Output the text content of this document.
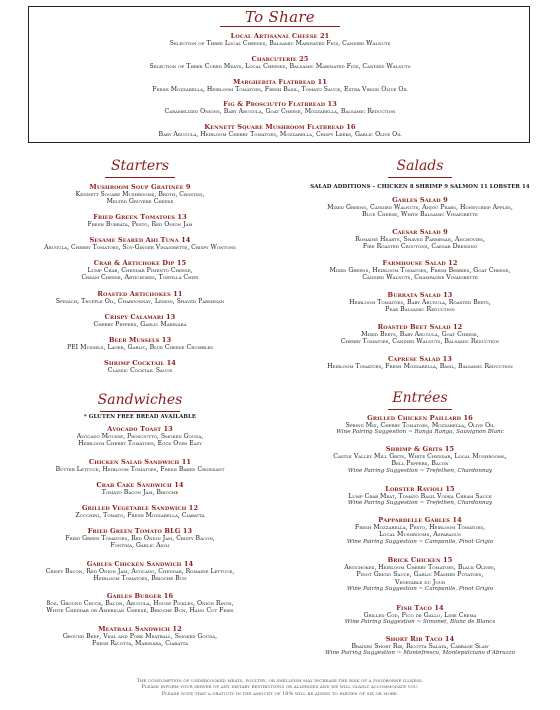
To Share
Local Artisanal Cheese 21
Selection of Three Local Cheeses, Balsamic Marinated Figs, Candied Walnuts
Charcuterie 25
Selection of Three Cured Meats, Local Cheeses, Balsamic Marinated Figs, Candied Walnuts
Margherita Flatbread 11
Fresh Mozzarella, Heirloom Tomatoes, Fresh Basil, Tomato Sauce, Extra Virgin Olive Oil
Fig & Prosciutto Flatbread 13
Caramelized Onions, Baby Arugula, Goat Cheese, Mozzarella, Balsamic Reduction
Kennett Square Mushroom Flatbread 16
Baby Arugula, Heirloom Cherry Tomatoes, Mozzarella, Crispy Leeks, Garlic Olive Oil
Starters
Mushroom Soup Gratinée 9
Kennett Square Mushrooms, Broth, Crostini,
Melted Gruyère Cheese
Fried Green Tomatoes 13
Fresh Burrata, Pesto, Red Onion Jam
Sesame Seared Ahi Tuna 14
Arugula, Cherry Tomatoes, Soy-Ginger Vinaigrette, Crispy Wontons
Crab & Artichoke Dip 15
Lump Crab, Cheddar Pimento Cheese,
Cream Cheese, Artichokes, Tortilla Chips
Roasted Artichokes 11
Spinach, Truffle Oil, Chardonnay, Lemon, Shaved Parmesan
Crispy Calamari 13
Cherry Peppers, Garlic Marinara
Beer Mussels 13
PEI Mussels, Lager, Garlic, Blue Cheese Crumbles
Shrimp Cocktail 14
Classic Cocktail Sauce
Sandwiches
* GLUTEN FREE BREAD AVAILABLE
Avocado Toast 13
Avocado Mousse, Prosciutto, Smoked Gouda,
Heirloom Cherry Tomatoes, Eggs Over Easy
Chicken Salad Sandwich 11
Butter Lettuce, Heirloom Tomatoes, Fresh Baked Croissant
Crab Cake Sandwich 14
Tomato Bacon Jam, Brioche
Grilled Vegetable Sandwich 12
Zucchini, Tomato, Fresh Mozzarella, Ciabatta
Fried Green Tomato BLG 13
Fried Green Tomatoes, Red Onion Jam, Crispy Bacon,
Fontina, Garlic Aioli
Gables Chicken Sandwich 14
Crispy Bacon, Red Onion Jam, Avocado, Cheddar, Romaine Lettuce,
Heirloom Tomatoes, Brioche Bun
Gables Burger 16
8oz. Ground Chuck, Bacon, Arugula, House Pickles, Onion Rings,
White Cheddar or American Cheese, Brioche Bun, Hand Cut Fries
Meatball Sandwich 12
Ground Beef, Veal and Pork Meatball, Smoked Gouda,
Fresh Ricotta, Marinara, Ciabatta
Salads
SALAD ADDITIONS – CHICKEN 8 SHRIMP 9 SALMON 11 LOBSTER 14
Gables Salad 9
Mixed Greens, Candied Walnuts, Anjou Pears, Honeycrisp Apples,
Blue Cheese, White Balsamic Vinaigrette
Caesar Salad 9
Romaine Hearts, Shaved Parmesan, Anchovies,
Fire Roasted Croutons, Caesar Dressing
Farmhouse Salad 12
Mixed Greens, Heirloom Tomatoes, Fresh Berries, Goat Cheese,
Candied Walnuts, Champagne Vinaigrette
Burrata Salad 13
Heirloom Tomatoes, Baby Arugula, Roasted Beets,
Pear Balsamic Reduction
Roasted Beet Salad 12
Mixed Beets, Baby Arugula, Goat Cheese,
Cherry Tomatoes, Candied Walnuts, Balsamic Reduction
Caprese Salad 13
Heirloom Tomatoes, Fresh Mozzarella, Basil, Balsamic Reduction
Entrées
Grilled Chicken Paillard 16
Spring Mix, Cherry Tomatoes, Mozzarella, Olive Oil
Wine Pairing Suggestion ~ Ranga Ranga, Sauvignon Blanc
Shrimp & Grits 15
Castle Valley Mill Grits, White Cheddar, Local Mushrooms,
Bell Peppers, Bacon
Wine Pairing Suggestion ~ Trefethen, Chardonnay
Lobster Ravioli 15
Lump Crab Meat, Tomato Basil Vodka Cream Sauce
Wine Pairing Suggestion ~ Trefethen, Chardonnay
Pappardelle Gables 14
Fresh Mozzarella, Pesto, Heirloom Tomatoes,
Local Mushrooms, Asparagus
Wine Pairing Suggestion ~ Campanile, Pinot Grigio
Brick Chicken 15
Artichokes, Heirloom Cherry Tomatoes, Black Olives,
Pinot Grigio Sauce, Garlic Mashed Potatoes,
Vegetable du Jour
Wine Pairing Suggestion ~ Campanile, Pinot Grigio
Fish Taco 14
Grilled Cod, Pico de Gallo, Lime Crema
Wine Pairing Suggestion ~ Simonet, Blanc de Blancs
Short Rib Taco 14
Braised Short Rib, Ricotta Salata, Cabbage Slaw
Wine Pairing Suggestion ~ Montefresco, Montepulciano d'Abruzzo
The consumption of undercooked meats, poultry, or shellfish may increase the risk of a foodborne illness.
Please inform your server of any dietary restrictions or allergies and we will gladly accommodate you.
Please note that a gratuity in the amount of 18% will be added to parties of six or more.
